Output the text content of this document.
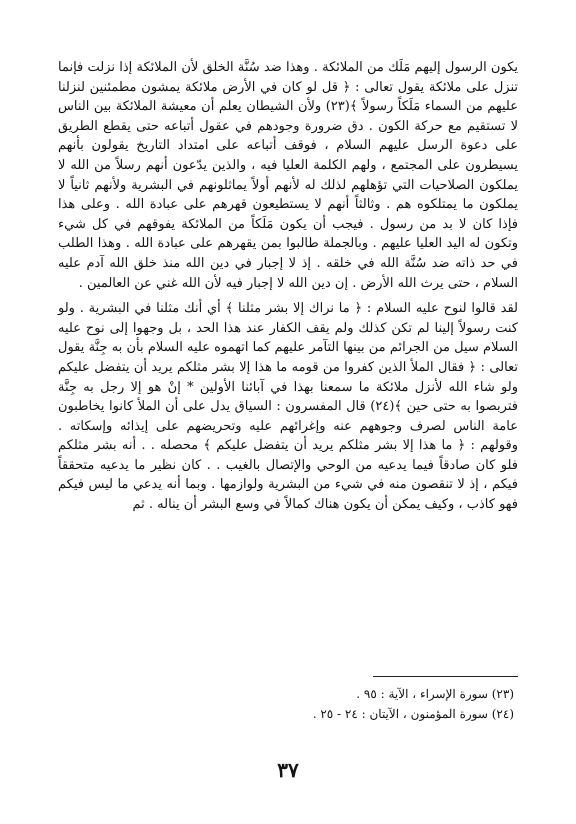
يكون الرسول إليهم مَلَك من الملائكة . وهذا ضد سُنَّة الخلق لأن الملائكة إذا نزلت فإنما تنزل على ملائكة يقول تعالى : ﴿ قل لو كان في الأرض ملائكة يمشون مطمئنين لنزلنا عليهم من السماء مَلَكاً رسولاً ﴾(٢٣) ولأن الشيطان يعلم أن معيشة الملائكة بين الناس لا تستقيم مع حركة الكون . دق ضرورة وجودهم في عقول أتباعه حتى يقطع الطريق على دعوة الرسل عليهم السلام ، فوقف أتباعه على امتداد التاريخ يقولون بأنهم يسيطرون على المجتمع ، ولهم الكلمة العليا فيه ، والذين يدّعون أنهم رسلاً من الله لا يملكون الصلاحيات التي تؤهلهم لذلك له لأنهم أولاً يماثلونهم في البشرية ولأنهم ثانياً لا يملكون ما يمتلكوه هم . وثالثاً أنهم لا يستطيعون قهرهم على عبادة الله . وعلى هذا فإذا كان لا بد من رسول . فيجب أن يكون مَلَكاً من الملائكة يفوقهم في كل شيء وتكون له اليد العليا عليهم . وبالجملة طالبوا بمن يقهرهم على عبادة الله . وهذا الطلب في حد ذاته ضد سُنَّة الله في خلقه . إذ لا إجبار في دين الله منذ خلق الله آدم عليه السلام ، حتى يرث الله الأرض . إن دين الله لا إجبار فيه لأن الله غني عن العالمين .

لقد قالوا لنوح عليه السلام : ﴿ ما نراك إلا بشر مثلنا ﴾ أي أنك مثلنا في البشرية . ولو كنت رسولاً إلينا لم تكن كذلك ولم يقف الكفار عند هذا الحد ، بل وجهوا إلى نوح عليه السلام سيل من الجرائم من بينها التآمر عليهم كما اتهموه عليه السلام بأن به جِنَّة يقول تعالى : ﴿ فقال الملأ الذين كفروا من قومه ما هذا إلا بشر مثلكم يريد أن يتفضل عليكم ولو شاء الله لأنزل ملائكة ما سمعنا بهذا في آبائنا الأولين * إنْ هو إلا رجل به جِنَّة فتربصوا به حتى حين ﴾(٢٤) قال المفسرون : السياق يدل على أن الملأ كانوا يخاطبون عامة الناس لصرف وجوههم عنه وإغرائهم عليه وتحريضهم على إيذائه وإسكاته . وقولهم : ﴿ ما هذا إلا بشر مثلكم يريد أن يتفضل عليكم ﴾ محصله . . أنه بشر مثلكم فلو كان صادقاً فيما يدعيه من الوحي والإتصال بالغيب . . كان نظير ما يدعيه متحققاً فيكم ، إذ لا تنقصون منه في شيء من البشرية ولوازمها . وبما أنه يدعي ما ليس فيكم فهو كاذب ، وكيف يمكن أن يكون هناك كمالاً في وسع البشر أن يناله . ثم

(٢٣) سورة الإسراء ، الآية : ٩٥ .

(٢٤) سورة المؤمنون ، الآيتان : ٢٤ - ٢٥ .

٣٧
